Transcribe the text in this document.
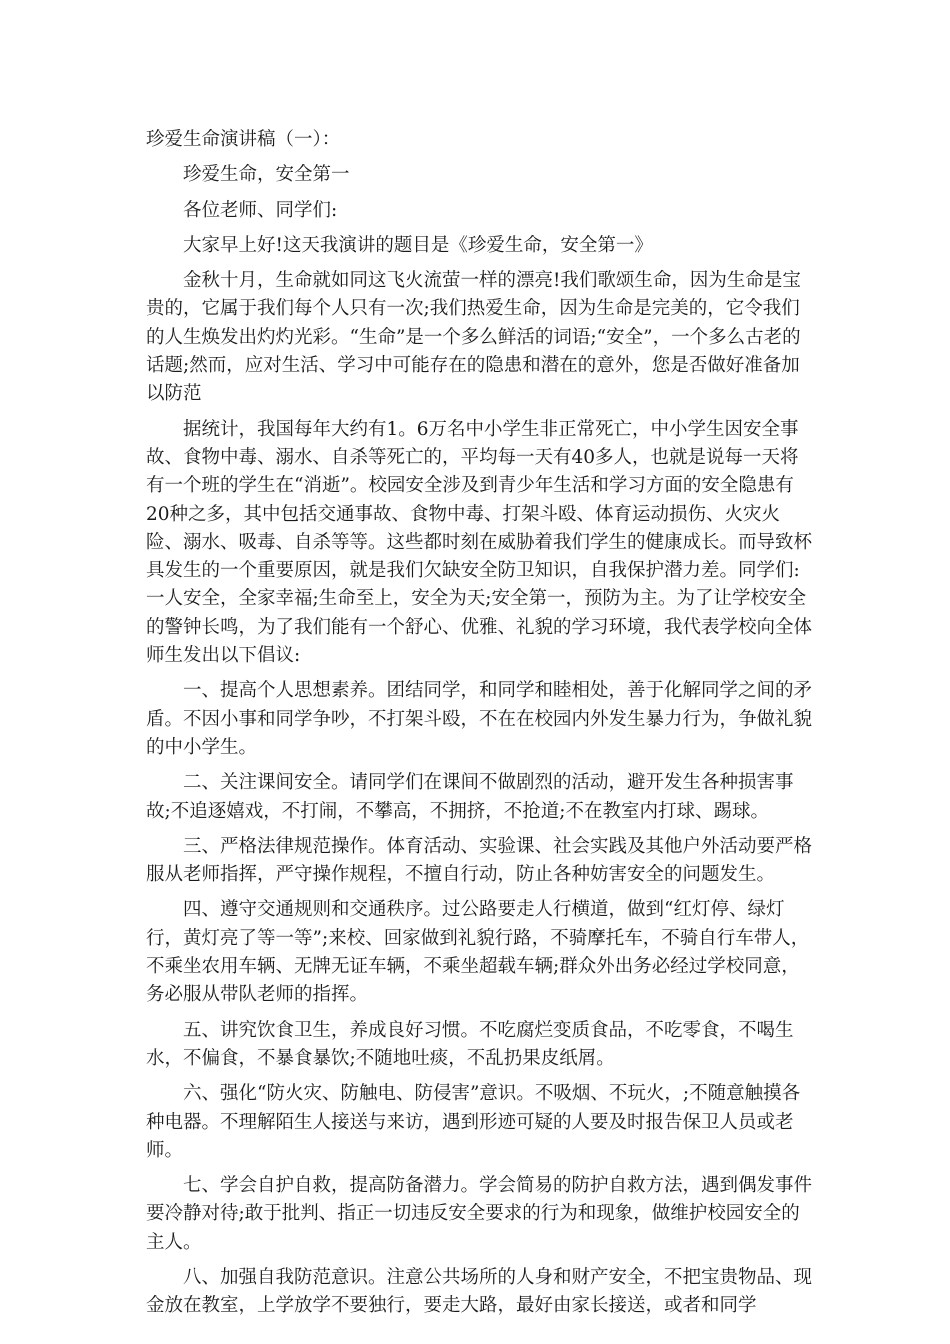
珍爱生命演讲稿（一）：

珍爱生命，安全第一

各位老师、同学们:

大家早上好!这天我演讲的题目是《珍爱生命，安全第一》

金秋十月，生命就如同这飞火流萤一样的漂亮!我们歌颂生命，因为生命是宝贵的，它属于我们每个人只有一次;我们热爱生命，因为生命是完美的，它令我们的人生焕发出灼灼光彩。“生命”是一个多么鲜活的词语;“安全”，一个多么古老的话题;然而，应对生活、学习中可能存在的隐患和潜在的意外，您是否做好准备加以防范

据统计，我国每年大约有1。6万名中小学生非正常死亡，中小学生因安全事故、食物中毒、溺水、自杀等死亡的，平均每一天有40多人，也就是说每一天将有一个班的学生在“消逝”。校园安全涉及到青少年生活和学习方面的安全隐患有20种之多，其中包括交通事故、食物中毒、打架斗殴、体育运动损伤、火灾火险、溺水、吸毒、自杀等等。这些都时刻在威胁着我们学生的健康成长。而导致杯具发生的一个重要原因，就是我们欠缺安全防卫知识，自我保护潜力差。同学们:一人安全，全家幸福;生命至上，安全为天;安全第一，预防为主。为了让学校安全的警钟长鸣，为了我们能有一个舒心、优雅、礼貌的学习环境，我代表学校向全体师生发出以下倡议:

一、提高个人思想素养。团结同学，和同学和睦相处，善于化解同学之间的矛盾。不因小事和同学争吵，不打架斗殴，不在在校园内外发生暴力行为，争做礼貌的中小学生。

二、关注课间安全。请同学们在课间不做剧烈的活动，避开发生各种损害事故;不追逐嬉戏，不打闹，不攀高，不拥挤，不抢道;不在教室内打球、踢球。

三、严格法律规范操作。体育活动、实验课、社会实践及其他户外活动要严格服从老师指挥，严守操作规程，不擅自行动，防止各种妨害安全的问题发生。

四、遵守交通规则和交通秩序。过公路要走人行横道，做到“红灯停、绿灯行，黄灯亮了等一等”;来校、回家做到礼貌行路，不骑摩托车，不骑自行车带人，不乘坐农用车辆、无牌无证车辆，不乘坐超载车辆;群众外出务必经过学校同意，务必服从带队老师的指挥。

五、讲究饮食卫生，养成良好习惯。不吃腐烂变质食品，不吃零食，不喝生水，不偏食，不暴食暴饮;不随地吐痰，不乱扔果皮纸屑。

六、强化“防火灾、防触电、防侵害”意识。不吸烟、不玩火，;不随意触摸各种电器。不理解陌生人接送与来访，遇到形迹可疑的人要及时报告保卫人员或老师。

七、学会自护自救，提高防备潜力。学会简易的防护自救方法，遇到偶发事件要冷静对待;敢于批判、指正一切违反安全要求的行为和现象，做维护校园安全的主人。

八、加强自我防范意识。注意公共场所的人身和财产安全，不把宝贵物品、现金放在教室，上学放学不要独行，要走大路，最好由家长接送，或者和同学
